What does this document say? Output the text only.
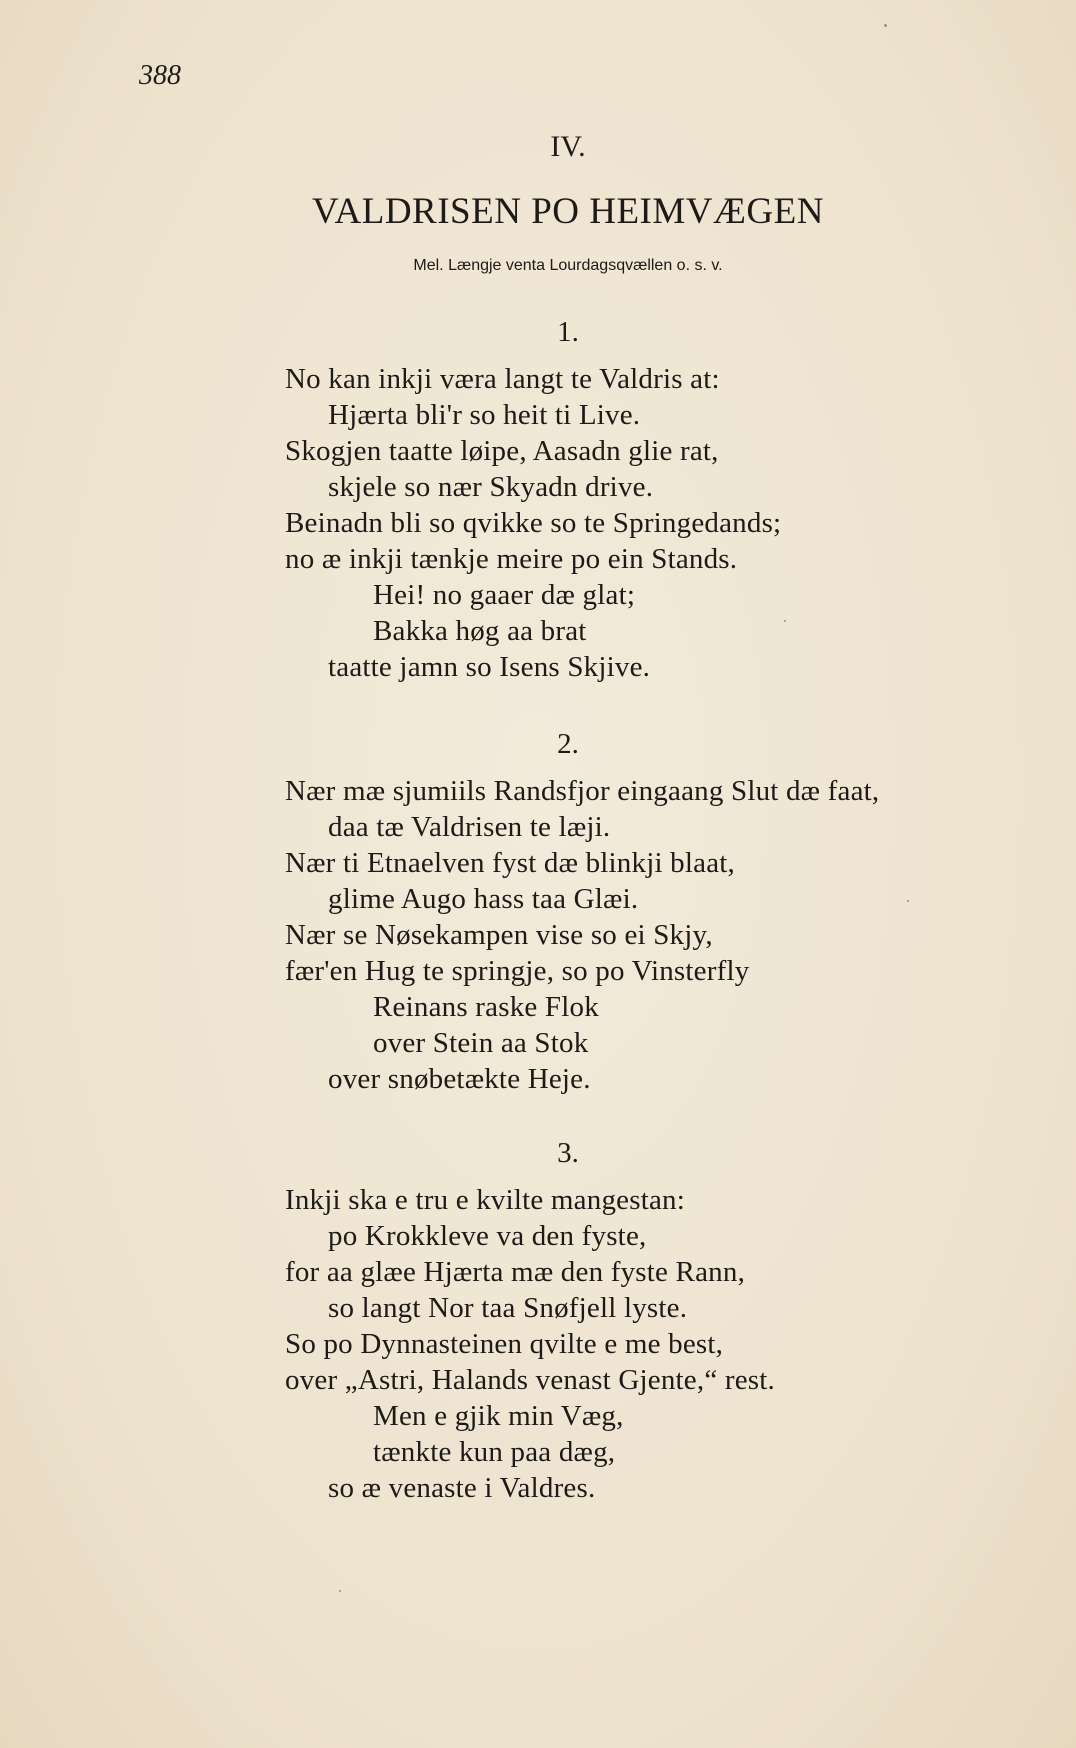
388
IV.
VALDRISEN PO HEIMVÆGEN
Mel. Længje venta Lourdagsqvællen o. s. v.
1.
No kan inkji væra langt te Valdris at:
Hjærta bli'r so heit ti Live.
Skogjen taatte løipe, Aasadn glie rat,
skjele so nær Skyadn drive.
Beinadn bli so qvikke so te Springedands;
no æ inkji tænkje meire po ein Stands.
Hei! no gaaer dæ glat;
Bakka høg aa brat
taatte jamn so Isens Skjive.
2.
Nær mæ sjumiils Randsfjor eingaang Slut dæ faat,
daa tæ Valdrisen te læji.
Nær ti Etnaelven fyst dæ blinkji blaat,
glime Augo hass taa Glæi.
Nær se Nøsekampen vise so ei Skjy,
fær'en Hug te springje, so po Vinsterfly
Reinans raske Flok
over Stein aa Stok
over snøbetækte Heje.
3.
Inkji ska e tru e kvilte mangestan:
po Krokkleve va den fyste,
for aa glæe Hjærta mæ den fyste Rann,
so langt Nor taa Snøfjell lyste.
So po Dynnasteinen qvilte e me best,
over „Astri, Halands venast Gjente,“ rest.
Men e gjik min Væg,
tænkte kun paa dæg,
so æ venaste i Valdres.
